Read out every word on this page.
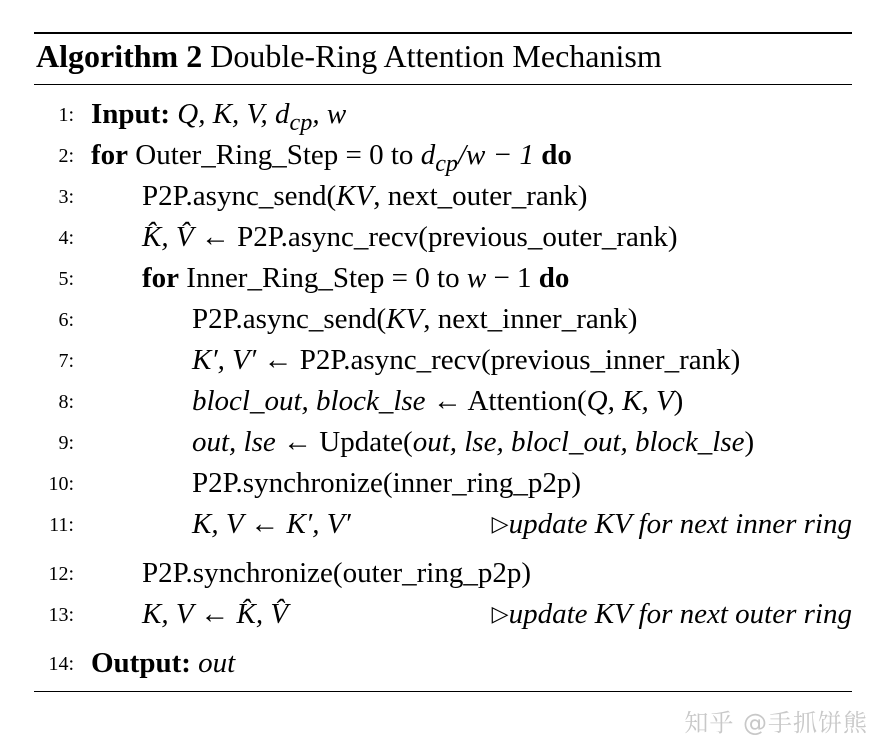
Algorithm 2 Double-Ring Attention Mechanism
1: Input: Q, K, V, $d_{cp}$, w
2: for Outer_Ring_Step = 0 to $d_{cp}/w - 1$ do
3: P2P.async_send(KV, next_outer_rank)
4: K̂, V̂ ← P2P.async_recv(previous_outer_rank)
5: for Inner_Ring_Step = 0 to w − 1 do
6:	P2P.async_send(KV, next_inner_rank)
7:	K′, V′ ← P2P.async_recv(previous_inner_rank)
8:	blocl_out, block_lse ← Attention(Q, K, V)
9:	out, lse ← Update(out, lse, blocl_out, block_lse)
10:	P2P.synchronize(inner_ring_p2p)
11:	K, V ← K′, V′	▷update KV for next inner ring
12: P2P.synchronize(outer_ring_p2p)
13: K, V ← K̂, V̂	▷update KV for next outer ring
14: Output: out
知乎 @手抓饼熊
